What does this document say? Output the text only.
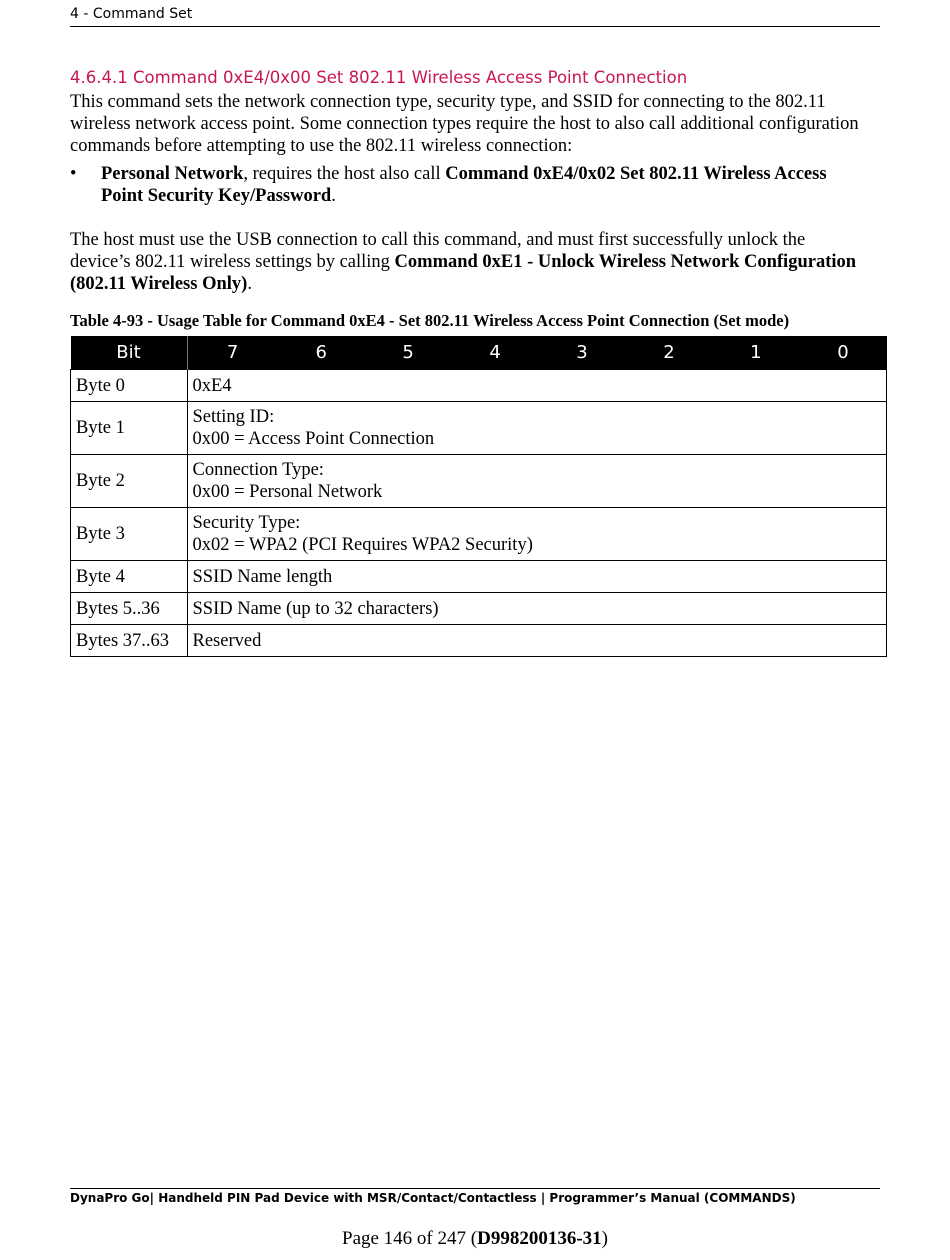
4 - Command Set
4.6.4.1 Command 0xE4/0x00 Set 802.11 Wireless Access Point Connection

This command sets the network connection type, security type, and SSID for connecting to the 802.11 wireless network access point. Some connection types require the host to also call additional configuration commands before attempting to use the 802.11 wireless connection:

• Personal Network, requires the host also call Command 0xE4/0x02 Set 802.11 Wireless Access Point Security Key/Password.

The host must use the USB connection to call this command, and must first successfully unlock the device’s 802.11 wireless settings by calling Command 0xE1 - Unlock Wireless Network Configuration (802.11 Wireless Only).

Table 4-93 - Usage Table for Command 0xE4 - Set 802.11 Wireless Access Point Connection (Set mode)
Bit	7	6	5	4	3	2	1	0
Byte 0	0xE4							
Byte 1	Setting ID:
0x00 = Access Point Connection							
Byte 2	Connection Type:
0x00 = Personal Network							
Byte 3	Security Type:
0x02 = WPA2 (PCI Requires WPA2 Security)							
Byte 4	SSID Name length							
Bytes 5..36	SSID Name (up to 32 characters)							
Bytes 37..63	Reserved							
DynaPro Go| Handheld PIN Pad Device with MSR/Contact/Contactless | Programmer’s Manual (COMMANDS)
Page 146 of 247 (D998200136-31)
